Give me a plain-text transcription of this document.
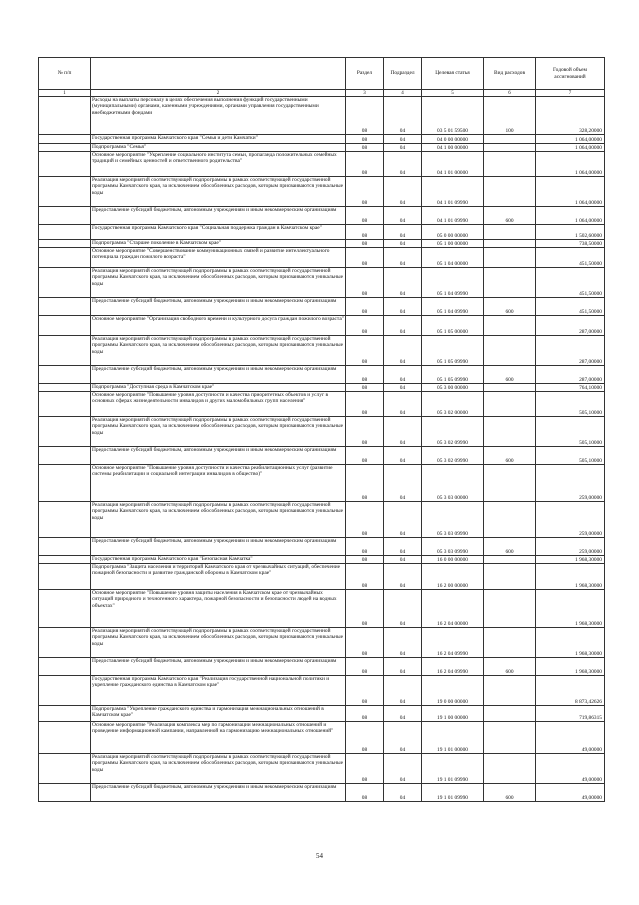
№ п/п		Раздел	Подраздел	Целевая статья	Вид расходов	Годовой объем ассигнований
1	2	3	4	5	6	7
	Расходы на выплаты персоналу в целях обеспечения выполнения функций государственными (муниципальными) органами, казенными учреждениями, органами управления государственными внебюджетными фондами	08	04	03 5 01 59500	100	328,20000
	Государственная программа Камчатского края "Семья и дети Камчатки"	08	04	04 0 00 00000		1 064,00000
	Подпрограмма "Семья"	08	04	04 1 00 00000		1 064,00000
	Основное мероприятие "Укрепление социального института семьи, пропаганда положительных семейных традиций и семейных ценностей и ответственного родительства"	08	04	04 1 01 00000		1 064,00000
	Реализация мероприятий соответствующей подпрограммы в рамках соответствующей государственной программы Камчатского края, за исключением обособленных расходов, которым присваиваются уникальные коды	08	04	04 1 01 09990		1 064,00000
	Предоставление субсидий бюджетным, автономным учреждениям и иным некоммерческим организациям	08	04	04 1 01 09990	600	1 064,00000
	Государственная программа Камчатского края "Социальная поддержка граждан в Камчатском крае"	08	04	05 0 00 00000		1 502,60000
	Подпрограмма "Старшее поколение в Камчатском крае"	08	04	05 1 00 00000		738,50000
	Основное мероприятие "Совершенствование коммуникационных связей и развитие интеллектуального потенциала граждан пожилого возраста"	08	04	05 1 04 00000		451,50000
	Реализация мероприятий соответствующей подпрограммы в рамках соответствующей государственной программы Камчатского края, за исключением обособленных расходов, которым присваиваются уникальные коды	08	04	05 1 04 09990		451,50000
	Предоставление субсидий бюджетным, автономным учреждениям и иным некоммерческим организациям	08	04	05 1 04 09990	600	451,50000
	Основное мероприятие "Организация свободного времени и культурного досуга граждан пожилого возраста"	08	04	05 1 05 00000		287,00000
	Реализация мероприятий соответствующей подпрограммы в рамках соответствующей государственной программы Камчатского края, за исключением обособленных расходов, которым присваиваются уникальные коды	08	04	05 1 05 09990		287,00000
	Предоставление субсидий бюджетным, автономным учреждениям и иным некоммерческим организациям	08	04	05 1 05 09990	600	287,00000
	Подпрограмма "Доступная среда в Камчатском крае"	08	04	05 3 00 00000		764,10000
	Основное мероприятие "Повышение уровня доступности и качества приоритетных объектов и услуг в основных сферах жизнедеятельности инвалидов и других маломобильных групп населения"	08	04	05 3 02 00000		505,10000
	Реализация мероприятий соответствующей подпрограммы в рамках соответствующей государственной программы Камчатского края, за исключением обособленных расходов, которым присваиваются уникальные коды	08	04	05 3 02 09990		505,10000
	Предоставление субсидий бюджетным, автономным учреждениям и иным некоммерческим организациям	08	04	05 3 02 09990	600	505,10000
	Основное мероприятие "Повышение уровня доступности и качества реабилитационных услуг (развитие системы реабилитации и социальной интеграции инвалидов в общество)"	08	04	05 3 03 00000		259,00000
	Реализация мероприятий соответствующей подпрограммы в рамках соответствующей государственной программы Камчатского края, за исключением обособленных расходов, которым присваиваются уникальные коды	08	04	05 3 03 09990		259,00000
	Предоставление субсидий бюджетным, автономным учреждениям и иным некоммерческим организациям	08	04	05 3 03 09990	600	259,00000
	Государственная программа Камчатского края "Безопасная Камчатка"	08	04	16 0 00 00000		1 968,30000
	Подпрограмма "Защита населения и территорий Камчатского края от чрезвычайных ситуаций, обеспечение пожарной безопасности и развитие гражданской обороны в Камчатском крае"	08	04	16 2 00 00000		1 968,30000
	Основное мероприятие "Повышение уровня защиты населения в Камчатском крае от чрезвычайных ситуаций природного и техногенного характера, пожарной безопасности и безопасности людей на водных объектах"	08	04	16 2 04 00000		1 968,30000
	Реализация мероприятий соответствующей подпрограммы в рамках соответствующей государственной программы Камчатского края, за исключением обособленных расходов, которым присваиваются уникальные коды	08	04	16 2 04 09990		1 968,30000
	Предоставление субсидий бюджетным, автономным учреждениям и иным некоммерческим организациям	08	04	16 2 04 09990	600	1 968,30000
	Государственная программа Камчатского края "Реализация государственной национальной политики и укрепление гражданского единства в Камчатском крае"	08	04	19 0 00 00000		8 873,42626
	Подпрограмма "Укрепление гражданского единства и гармонизация межнациональных отношений в Камчатском крае"	08	04	19 1 00 00000		719,86315
	Основное мероприятие "Реализация комплекса мер по гармонизации межнациональных отношений и проведение информационной кампании, направленной на гармонизацию межнациональных отношений"	08	04	19 1 01 00000		49,00000
	Реализация мероприятий соответствующей подпрограммы в рамках соответствующей государственной программы Камчатского края, за исключением обособленных расходов, которым присваиваются уникальные коды	08	04	19 1 01 09990		49,00000
	Предоставление субсидий бюджетным, автономным учреждениям и иным некоммерческим организациям	08	04	19 1 01 09990	600	49,00000
54
